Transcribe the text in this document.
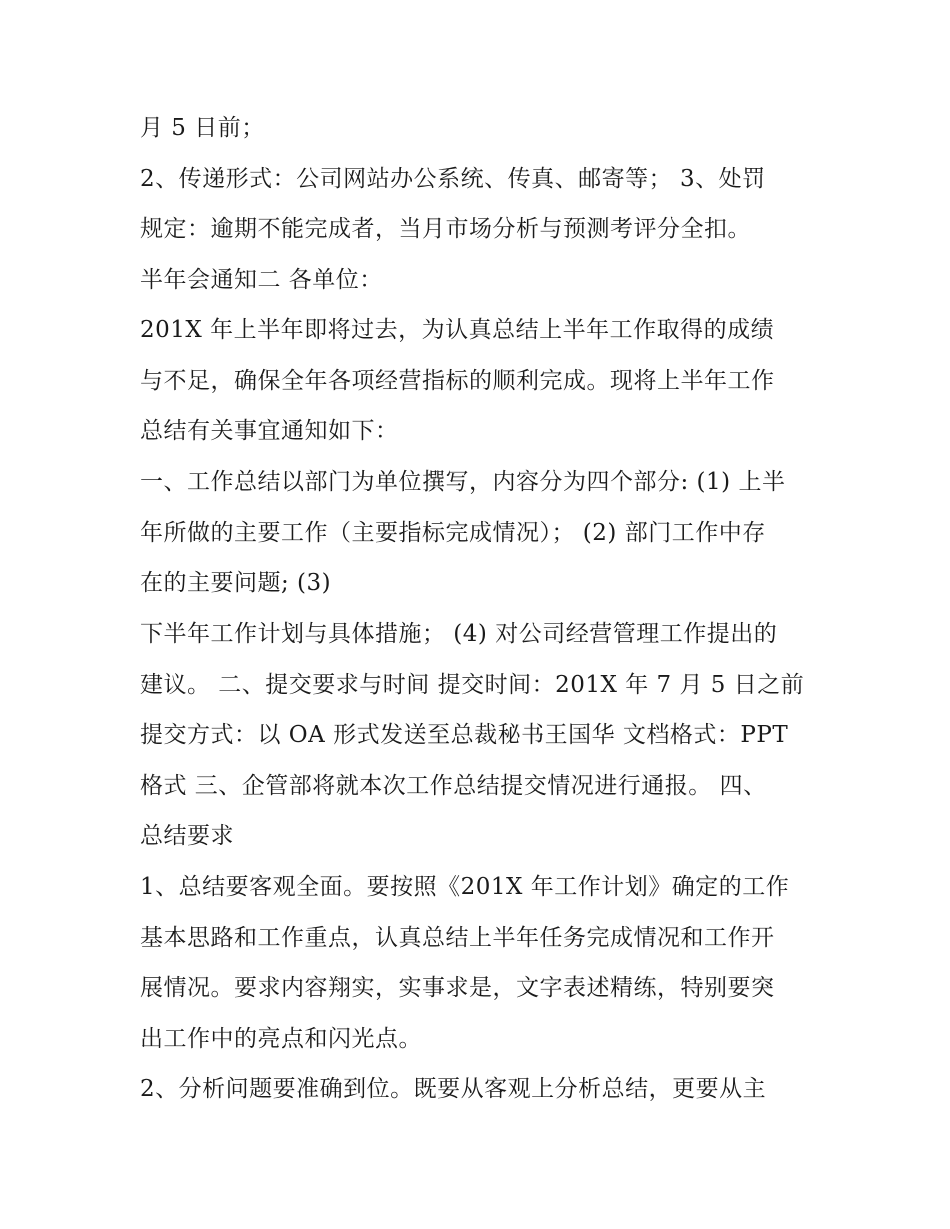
月 5 日前；

2、传递形式：公司网站办公系统、传真、邮寄等； 3、处罚

规定：逾期不能完成者，当月市场分析与预测考评分全扣。

半年会通知二 各单位：

201X 年上半年即将过去，为认真总结上半年工作取得的成绩

与不足，确保全年各项经营指标的顺利完成。现将上半年工作

总结有关事宜通知如下：

一、工作总结以部门为单位撰写，内容分为四个部分: (1) 上半

年所做的主要工作（主要指标完成情况）； (2) 部门工作中存

在的主要问题; (3)

下半年工作计划与具体措施； (4) 对公司经营管理工作提出的

建议。 二、提交要求与时间 提交时间：201X 年 7 月 5 日之前

提交方式：以 OA 形式发送至总裁秘书王国华 文档格式：PPT

格式 三、企管部将就本次工作总结提交情况进行通报。 四、

总结要求

1、总结要客观全面。要按照《201X 年工作计划》确定的工作

基本思路和工作重点，认真总结上半年任务完成情况和工作开

展情况。要求内容翔实，实事求是，文字表述精练，特别要突

出工作中的亮点和闪光点。

2、分析问题要准确到位。既要从客观上分析总结，更要从主
